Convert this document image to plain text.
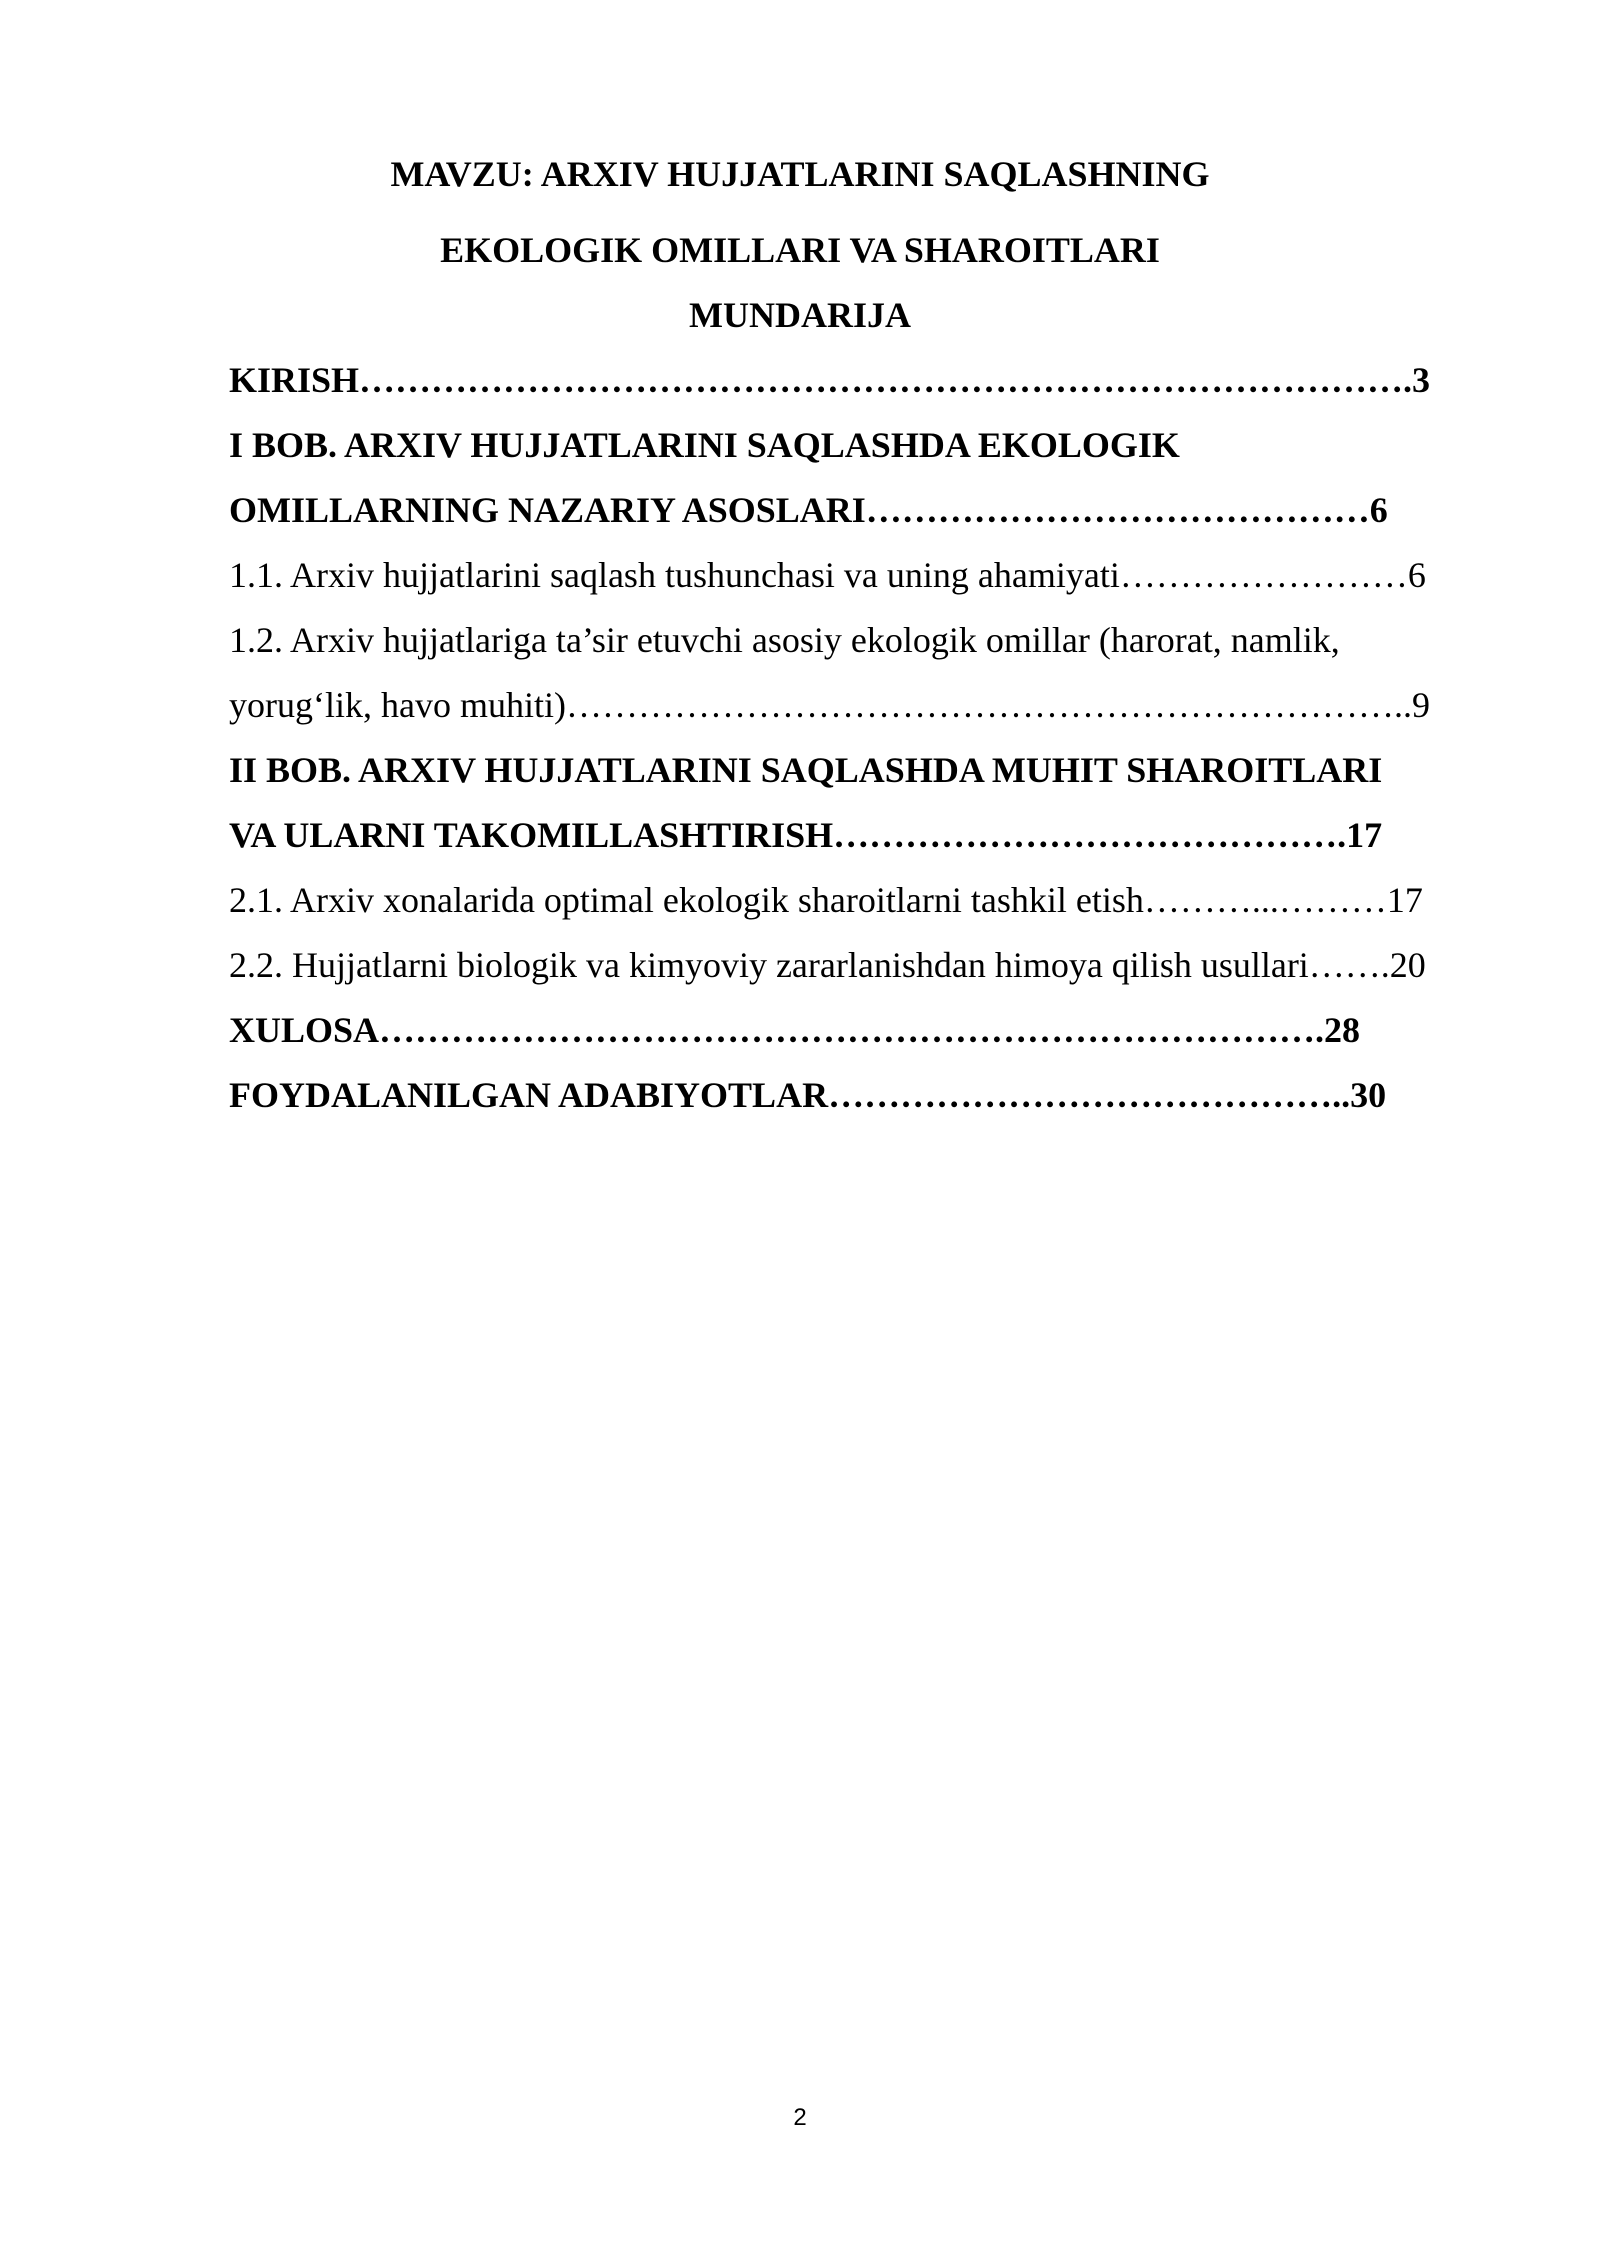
MAVZU: ARXIV HUJJATLARINI SAQLASHNING
EKOLOGIK OMILLARI VA SHAROITLARI
MUNDARIJA
KIRISH…………………………………………………………………………….3
I BOB. ARXIV HUJJATLARINI SAQLASHDA EKOLOGIK
OMILLARNING NAZARIY ASOSLARI……………………………………6
1.1. Arxiv hujjatlarini saqlash tushunchasi va uning ahamiyati……………………6
1.2. Arxiv hujjatlariga ta’sir etuvchi asosiy ekologik omillar (harorat, namlik,
yorug‘lik, havo muhiti)……………………………………………………………..9
II BOB. ARXIV HUJJATLARINI SAQLASHDA MUHIT SHAROITLARI
VA ULARNI TAKOMILLASHTIRISH…………………………………….17
2.1. Arxiv xonalarida optimal ekologik sharoitlarni tashkil etish………...………17
2.2. Hujjatlarni biologik va kimyoviy zararlanishdan himoya qilish usullari…….20
XULOSA…………………………………………………………………….28
FOYDALANILGAN ADABIYOTLAR……………………………………..30
2
